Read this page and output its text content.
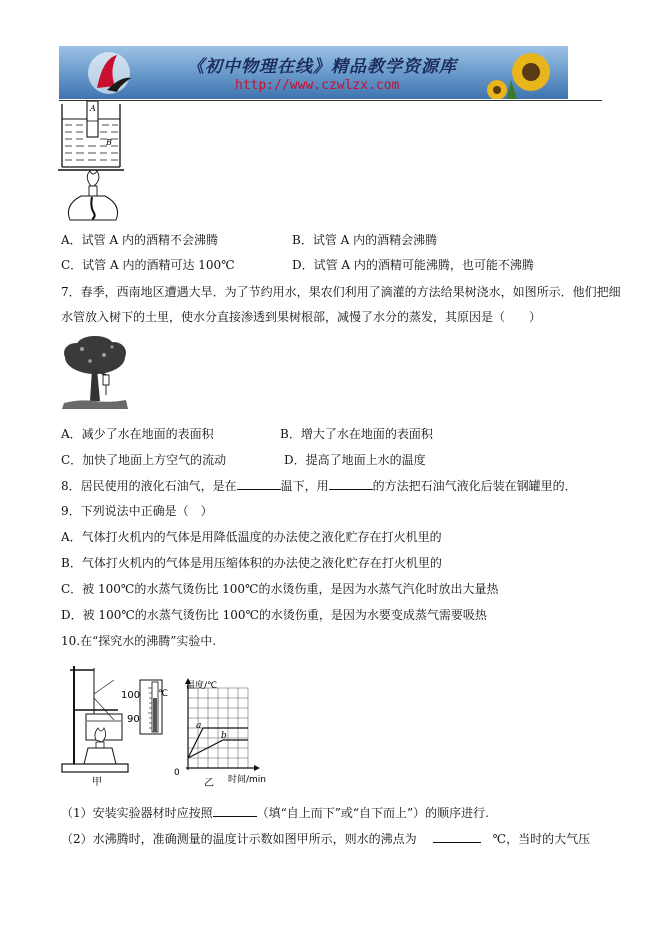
《初中物理在线》精品教学资源库
http://www.czwlzx.com
A
B
A．试管 A 内的酒精不会沸腾	B．试管 A 内的酒精会沸腾
C．试管 A 内的酒精可达 100℃	D．试管 A 内的酒精可能沸腾，也可能不沸腾
7．春季，西南地区遭遇大旱．为了节约用水，果农们利用了滴灌的方法给果树浇水，如图所示．他们把细
水管放入树下的土里，使水分直接渗透到果树根部，减慢了水分的蒸发，其原因是（　　）
A．减少了水在地面的表面积	B．增大了水在地面的表面积
C．加快了地面上方空气的流动	D．提高了地面上水的温度
8．居民使用的液化石油气，是在	温下，用	的方法把石油气液化后装在钢罐里的．
9．下列说法中正确是（　）
A．气体打火机内的气体是用降低温度的办法使之液化贮存在打火机里的
B．气体打火机内的气体是用压缩体积的办法使之液化贮存在打火机里的
C．被 100℃的水蒸气烫伤比 100℃的水烫伤重，是因为水蒸气汽化时放出大量热
D．被 100℃的水蒸气烫伤比 100℃的水烫伤重，是因为水要变成蒸气需要吸热
10.在“探究水的沸腾”实验中.
100
90
℃
甲
a
b
温度/℃
0
乙 时间/min
（1）安装实验器材时应按照	（填“自上而下”或“自下而上”）的顺序进行.
（2）水沸腾时，准确测量的温度计示数如图甲所示，则水的沸点为	℃，当时的大气压
